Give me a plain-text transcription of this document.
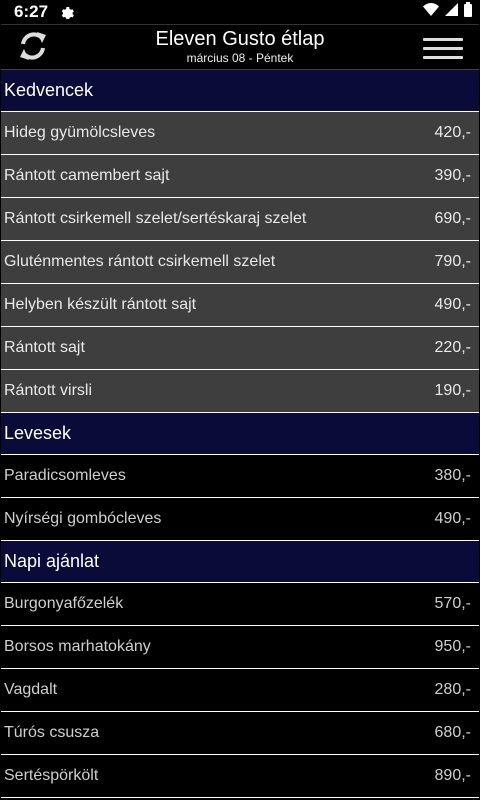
6:27
Eleven Gusto étlap
március 08 - Péntek
Kedvencek
Hideg gyümölcsleves	420,-
Rántott camembert sajt	390,-
Rántott csirkemell szelet/sertéskaraj szelet	690,-
Gluténmentes rántott csirkemell szelet	790,-
Helyben készült rántott sajt	490,-
Rántott sajt	220,-
Rántott virsli	190,-
Levesek
Paradicsomleves	380,-
Nyírségi gombócleves	490,-
Napi ajánlat
Burgonyafőzelék	570,-
Borsos marhatokány	950,-
Vagdalt	280,-
Túrós csusza	680,-
Sertéspörkölt	890,-
